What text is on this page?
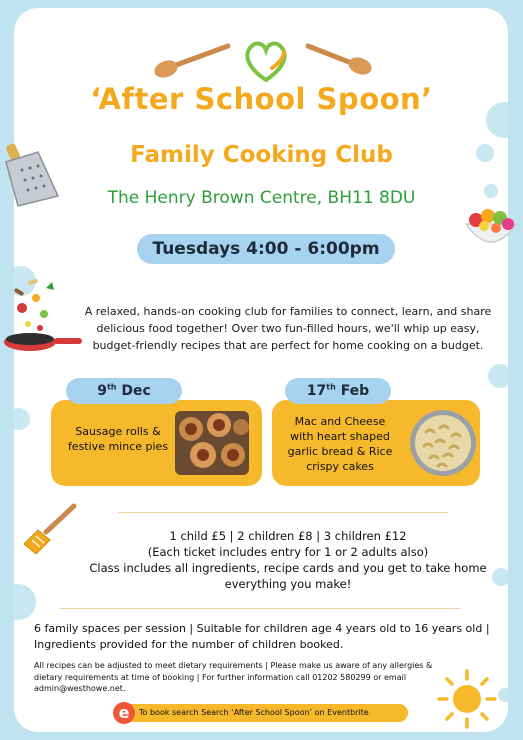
‘After School Spoon’
Family Cooking Club
The Henry Brown Centre, BH11 8DU
Tuesdays 4:00 - 6:00pm
A relaxed, hands-on cooking club for families to connect, learn, and share delicious food together! Over two fun-filled hours, we'll whip up easy, budget-friendly recipes that are perfect for home cooking on a budget.
Sausage rolls & festive mince pies
9th Dec
Mac and Cheese with heart shaped garlic bread & Rice crispy cakes
17th Feb
1 child £5 | 2 children £8 | 3 children £12
(Each ticket includes entry for 1 or 2 adults also)
Class includes all ingredients, recipe cards and you get to take home everything you make!
6 family spaces per session | Suitable for children age 4 years old to 16 years old | Ingredients provided for the number of children booked.
All recipes can be adjusted to meet dietary requirements | Please make us aware of any allergies & dietary requirements at time of booking | For further information call 01202 580299 or email admin@westhowe.net.
e	To book search Search ‘After School Spoon’ on Eventbrite
